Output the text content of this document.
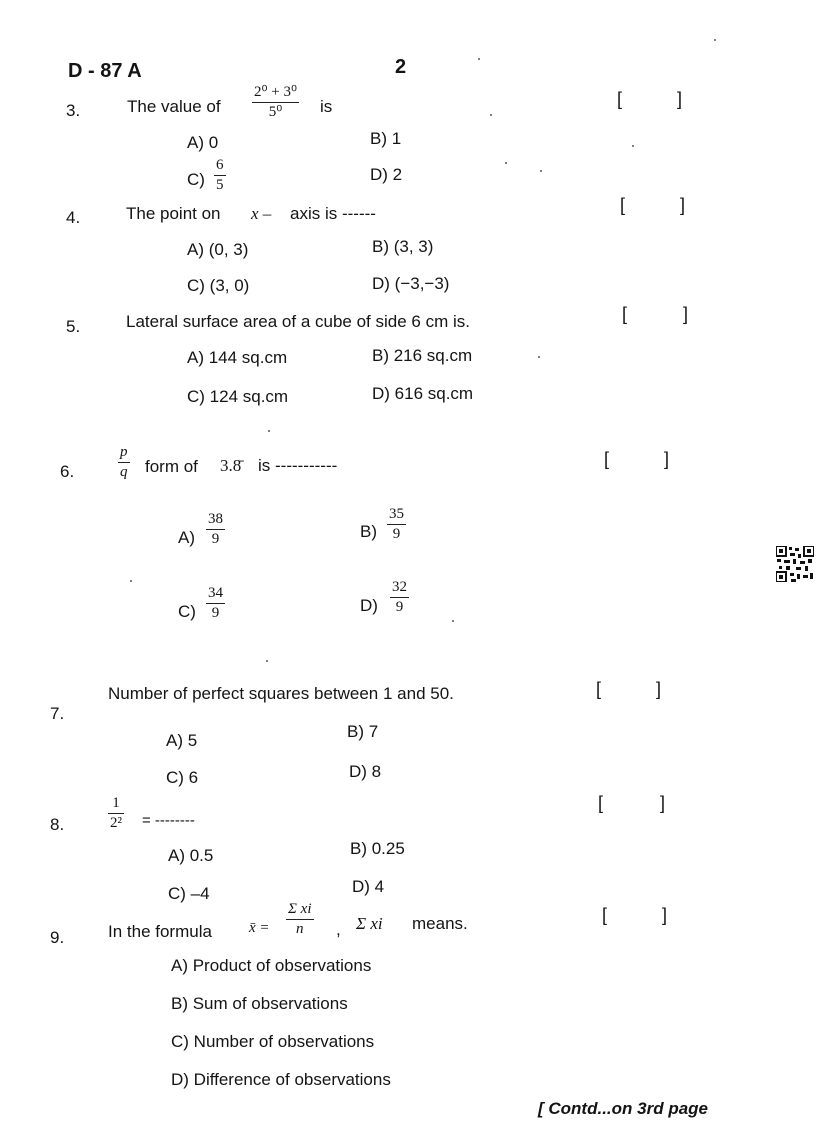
D - 87 A	2
3.	The value of
2⁰ + 3⁰
5⁰	is	[	]
A) 0	B) 1
C)
6
5
D) 2
4.	The point on x – axis is ------	[	]
A) (0, 3)	B) (3, 3)
C) (3, 0)	D) (−3,−3)
5.	Lateral surface area of a cube of side 6 cm is.	[	]
A) 144 sq.cm	B) 216 sq.cm
C) 124 sq.cm	D) 616 sq.cm
6.
p
q form of 3.8̄ is -----------	[	]
A)
38
9	B)
35
9
C)
34
9	D)
32
9
7.
Number of perfect squares between 1 and 50.	[	]
A) 5	B) 7
C) 6	D) 8
8.
1
2² = --------
[	]
A) 0.5	B) 0.25
C) –4	D) 4
9.	In the formula x̄ =
Σ xi
n	, Σ xi means.	[	]
A) Product of observations
B) Sum of observations
C) Number of observations
D) Difference of observations
[ Contd...on 3rd page
